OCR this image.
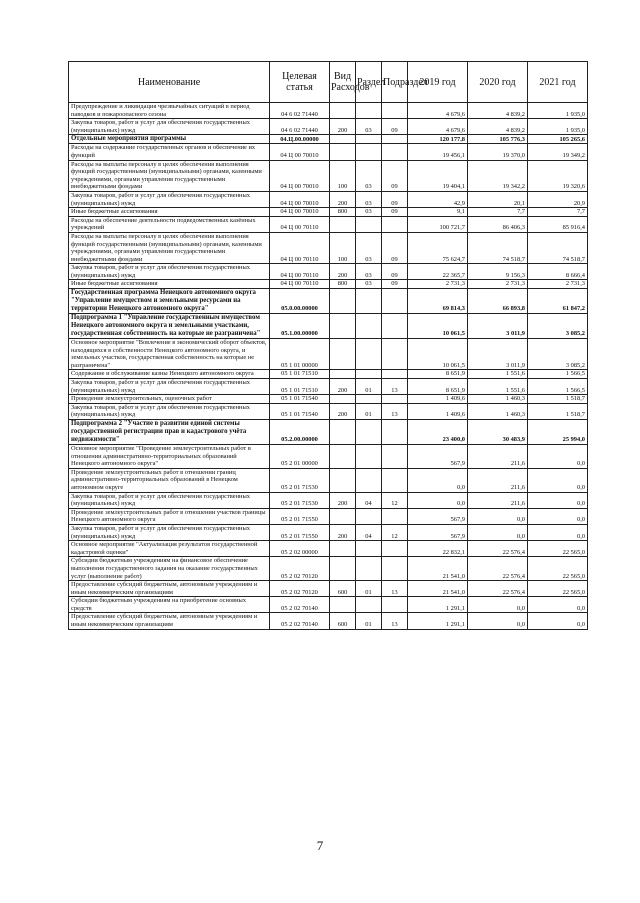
Наименование	Целевая статья	Вид Расходов	Раздел	Подраздел	2019 год	2020 год	2021 год
Предупреждение и ликвидация чрезвычайных ситуаций в период паводков и пожароопасного сезона	04 6 02 71440				4 679,6	4 839,2	1 935,0
Закупка товаров, работ и услуг для обеспечения государственных (муниципальных) нужд	04 6 02 71440	200	03	09	4 679,6	4 839,2	1 935,0
Отдельные мероприятия программы	04.Ц.00.00000				120 177,8	105 776,3	105 265,6
Расходы на содержание государственных органов и обеспечение их функций	04 Ц 00 70010				19 456,1	19 370,0	19 349,2
Расходы на выплаты персоналу в целях обеспечения выполнения функций государственными (муниципальными) органами, казенными учреждениями, органами управления государственными внебюджетными фондами	04 Ц 00 70010	100	03	09	19 404,1	19 342,2	19 320,6
Закупка товаров, работ и услуг для обеспечения государственных (муниципальных) нужд	04 Ц 00 70010	200	03	09	42,9	20,1	20,9
Иные бюджетные ассигнования	04 Ц 00 70010	800	03	09	9,1	7,7	7,7
Расходы на обеспечение деятельности подведомственных казённых учреждений	04 Ц 00 70110				100 721,7	86 406,3	85 916,4
Расходы на выплаты персоналу в целях обеспечения выполнения функций государственными (муниципальными) органами, казенными учреждениями, органами управления государственными внебюджетными фондами	04 Ц 00 70110	100	03	09	75 624,7	74 518,7	74 518,7
Закупка товаров, работ и услуг для обеспечения государственных (муниципальных) нужд	04 Ц 00 70110	200	03	09	22 365,7	9 156,3	8 666,4
Иные бюджетные ассигнования	04 Ц 00 70110	800	03	09	2 731,3	2 731,3	2 731,3
Государственная программа Ненецкого автономного округа "Управление имуществом и земельными ресурсами на территории Ненецкого автономного округа"	05.0.00.00000				69 814,3	66 893,8	61 847,2
Подпрограмма 1 "Управление государственным имуществом Ненецкого автономного округа и земельными участками, государственная собственность на которые не разграничена"	05.1.00.00000				10 061,5	3 011,9	3 085,2
Основное мероприятие "Вовлечение в экономический оборот объектов, находящихся в собственности Ненецкого автономного округа, и земельных участков, государственная собственность на которые не разграничена"	05 1 01 00000				10 061,5	3 011,9	3 085,2
Содержание и обслуживание казны Ненецкого автономного округа	05 1 01 71510				8 651,9	1 551,6	1 566,5
Закупка товаров, работ и услуг для обеспечения государственных (муниципальных) нужд	05 1 01 71510	200	01	13	8 651,9	1 551,6	1 566,5
Проведение землеустроительных, оценочных работ	05 1 01 71540				1 409,6	1 460,3	1 518,7
Закупка товаров, работ и услуг для обеспечения государственных (муниципальных) нужд	05 1 01 71540	200	01	13	1 409,6	1 460,3	1 518,7
Подпрограмма 2 "Участие в развитии единой системы государственной регистрации прав и кадастрового учёта недвижимости"	05.2.00.00000				23 400,0	30 483,9	25 994,0
Основное мероприятие "Проведение землеустроительных работ в отношении административно-территориальных образований Ненецкого автономного округа"	05 2 01 00000				567,9	211,6	0,0
Проведение землеустроительных работ в отношении границ административно-территориальных образований в Ненецком автономном округе	05 2 01 71530				0,0	211,6	0,0
Закупка товаров, работ и услуг для обеспечения государственных (муниципальных) нужд	05 2 01 71530	200	04	12	0,0	211,6	0,0
Проведение землеустроительных работ в отношении участков границы Ненецкого автономного округа	05 2 01 71550				567,9	0,0	0,0
Закупка товаров, работ и услуг для обеспечения государственных (муниципальных) нужд	05 2 01 71550	200	04	12	567,9	0,0	0,0
Основное мероприятие "Актуализация результатов государственной кадастровой оценки"	05 2 02 00000				22 832,1	22 576,4	22 565,0
Субсидии бюджетным учреждениям на финансовое обеспечение выполнения государственного задания на оказание государственных услуг (выполнение работ)	05 2 02 70120				21 541,0	22 576,4	22 565,0
Предоставление субсидий бюджетным, автономным учреждениям и иным некоммерческим организациям	05 2 02 70120	600	01	13	21 541,0	22 576,4	22 565,0
Субсидии бюджетным учреждениям на приобретение основных средств	05 2 02 70140				1 291,1	0,0	0,0
Предоставление субсидий бюджетным, автономным учреждениям и иным некоммерческим организациям	05 2 02 70140	600	01	13	1 291,1	0,0	0,0
7
